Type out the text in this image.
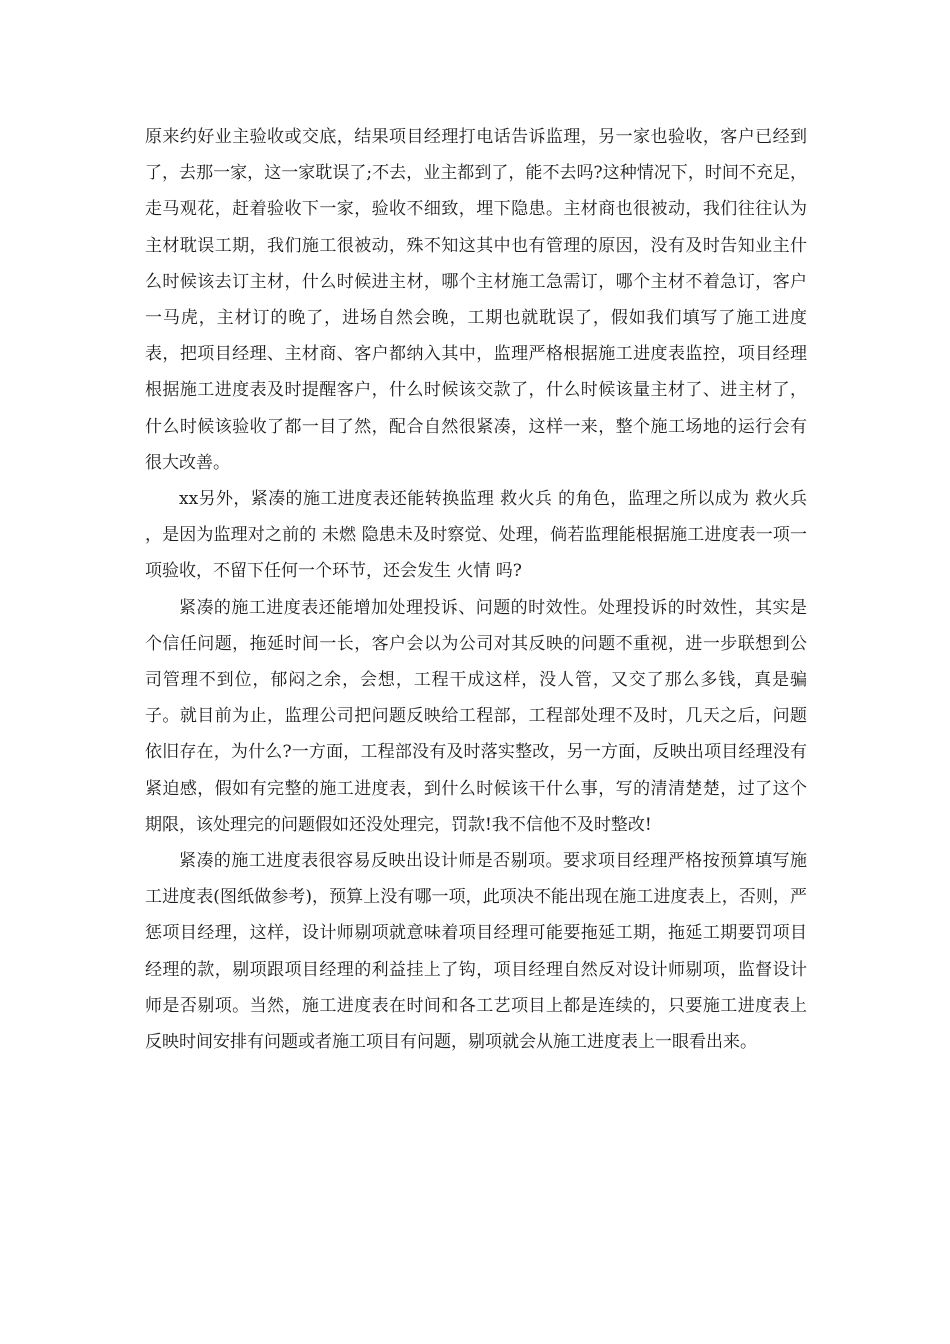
原来约好业主验收或交底，结果项目经理打电话告诉监理，另一家也验收，客户已经到了，去那一家，这一家耽误了;不去，业主都到了，能不去吗?这种情况下，时间不充足，走马观花，赶着验收下一家，验收不细致，埋下隐患。主材商也很被动，我们往往认为主材耽误工期，我们施工很被动，殊不知这其中也有管理的原因，没有及时告知业主什么时候该去订主材，什么时候进主材，哪个主材施工急需订，哪个主材不着急订，客户一马虎，主材订的晚了，进场自然会晚，工期也就耽误了，假如我们填写了施工进度表，把项目经理、主材商、客户都纳入其中，监理严格根据施工进度表监控，项目经理根据施工进度表及时提醒客户，什么时候该交款了，什么时候该量主材了、进主材了，什么时候该验收了都一目了然，配合自然很紧凑，这样一来，整个施工场地的运行会有很大改善。

xx另外，紧凑的施工进度表还能转换监理 救火兵 的角色，监理之所以成为 救火兵 ，是因为监理对之前的 未燃 隐患未及时察觉、处理，倘若监理能根据施工进度表一项一项验收，不留下任何一个环节，还会发生 火情 吗?

紧凑的施工进度表还能增加处理投诉、问题的时效性。处理投诉的时效性，其实是个信任问题，拖延时间一长，客户会以为公司对其反映的问题不重视，进一步联想到公司管理不到位，郁闷之余，会想，工程干成这样，没人管，又交了那么多钱，真是骗子。就目前为止，监理公司把问题反映给工程部，工程部处理不及时，几天之后，问题依旧存在，为什么?一方面，工程部没有及时落实整改，另一方面，反映出项目经理没有紧迫感，假如有完整的施工进度表，到什么时候该干什么事，写的清清楚楚，过了这个期限，该处理完的问题假如还没处理完，罚款!我不信他不及时整改!

紧凑的施工进度表很容易反映出设计师是否剔项。要求项目经理严格按预算填写施工进度表(图纸做参考)，预算上没有哪一项，此项决不能出现在施工进度表上，否则，严惩项目经理，这样，设计师剔项就意味着项目经理可能要拖延工期，拖延工期要罚项目经理的款，剔项跟项目经理的利益挂上了钩，项目经理自然反对设计师剔项，监督设计师是否剔项。当然，施工进度表在时间和各工艺项目上都是连续的，只要施工进度表上反映时间安排有问题或者施工项目有问题，剔项就会从施工进度表上一眼看出来。
